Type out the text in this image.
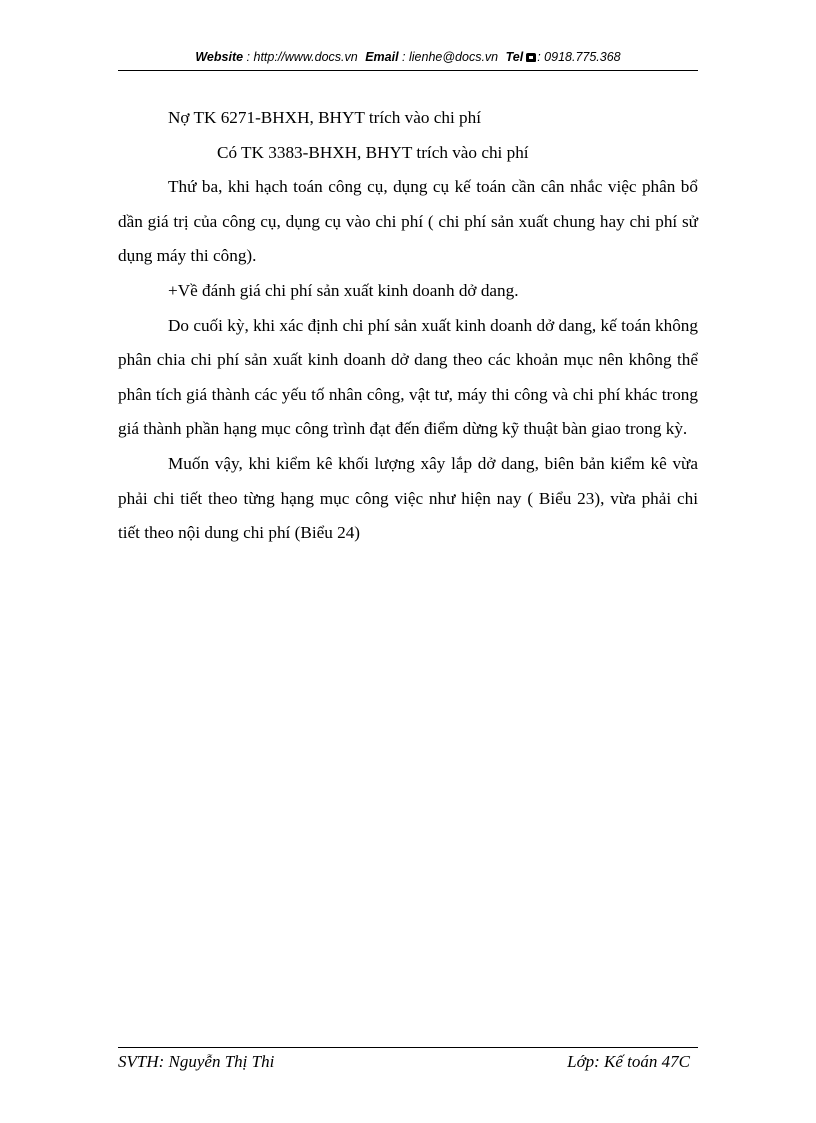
Website : http://www.docs.vn Email : lienhe@docs.vn Tel : 0918.775.368

Nợ TK 6271-BHXH, BHYT trích vào chi phí

Có TK 3383-BHXH, BHYT trích vào chi phí

Thứ ba, khi hạch toán công cụ, dụng cụ kế toán cần cân nhắc việc phân bổ dần giá trị của công cụ, dụng cụ vào chi phí ( chi phí sản xuất chung hay chi phí sử dụng máy thi công).

+Về đánh giá chi phí sản xuất kinh doanh dở dang.

Do cuối kỳ, khi xác định chi phí sản xuất kinh doanh dở dang, kế toán không phân chia chi phí sản xuất kinh doanh dở dang theo các khoản mục nên không thể phân tích giá thành các yếu tố nhân công, vật tư, máy thi công và chi phí khác trong giá thành phần hạng mục công trình đạt đến điểm dừng kỹ thuật bàn giao trong kỳ.

Muốn vậy, khi kiểm kê khối lượng xây lắp dở dang, biên bản kiểm kê vừa phải chi tiết theo từng hạng mục công việc như hiện nay ( Biểu 23), vừa phải chi tiết theo nội dung chi phí (Biểu 24)

SVTH: Nguyễn Thị Thi	Lớp: Kế toán 47C
